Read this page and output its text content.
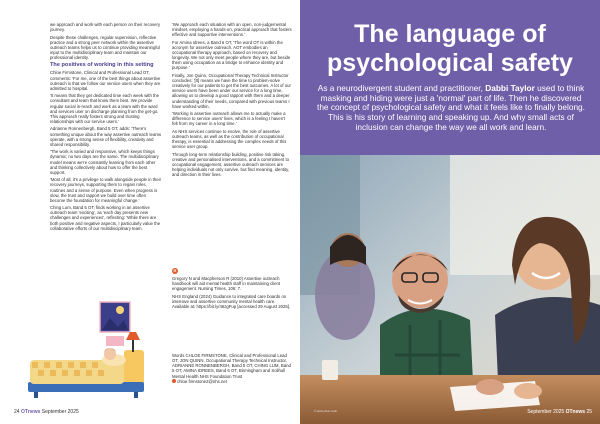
we approach and work with each person on their recovery journey.

Despite these challenges, regular supervision, reflective practice and a strong peer network within the assertive outreach teams helps us to continue providing meaningful input to the multidisciplinary team and maintain our professional identity.

The positives of working in this setting

Chloe Firmstone, Clinical and Professional Lead OT, comments: 'For me, one of the best things about assertive outreach is that we follow our service users when they are admitted to hospital.

'It means that they get dedicated time each week with the consultant and team that know them best. We provide regular social in-reach and work as a team with the ward and services user on discharge planning from the get-go. This approach really fosters strong and trusting relationships with our service users.'

Adrianne Ronnenbergh, Band 5 OT, adds: 'There's something unique about the way assertive outreach teams operate, with a strong sense of flexibility, creativity and shared responsibility.

'The work is varied and responsive, which keeps things dynamic; no two days are the same. The multidisciplinary model means we're constantly learning from each other and thinking collectively about how to offer the best support.

'Most of all, it's a privilege to walk alongside people in their recovery journeys, supporting them to regain roles, routines and a sense of purpose. Even when progress is slow, the trust and rapport we build over time often become the foundation for meaningful change.'

Ching Lum, Band 5 OT, finds working in an assertive outreach team 'exciting', as 'each day presents new challenges and experiences', reflecting: 'While there are both positive and negative aspects, I particularly value the collaborative efforts of our multidisciplinary team.

'We approach each situation with an open, non-judgemental mindset, employing a hands-on, practical approach that fosters effective and supportive interventions.'

For Amina Idrees, a Band 6 OT, 'The word OT is within the acronym for assertive outreach. AOT embodies an occupational therapy approach, based on recovery and longevity. We not only meet people where they are, but beside them using occupation as a bridge to enhance identity and purpose.'

Finally, Jon Quinn, Occupational Therapy Technical Instructor concludes: '[It] means we have the time to problem-solve creatively for our patients to get the best outcomes. A lot of our service users have been under our service for a long time, allowing us to develop a good rapport with them and a deeper understanding of their needs, compared with previous teams I have worked within.

'Working in assertive outreach allows me to actually make a difference to service users' lives, which is a feeling I haven't felt from my career in a long time.'

As NHS services continue to evolve, the role of assertive outreach teams, as well as the contribution of occupational therapy, is essential in addressing the complex needs of this service user group.

Through long-term relationship building, positive risk taking, creative and personalised interventions, and a commitment to occupational engagement, assertive outreach services are helping individuals not only survive, but find meaning, identity, and direction in their lives.

R

Gregory N and Macpherson R (2010) Assertive outreach handbook will aid mental health staff in maintaining client engagement. Nursing Times, 106: 7.

NHS England (2024) Guidance to integrated care boards on intensive and assertive community mental health care. Available at: https://bit.ly/46zgFup [accessed 29 August 2025].

Words CHLOE FIRMSTONE, Clinical and Professional Lead OT, JON QUINN, Occupational Therapy Technical Instructor, ADRIANNE RONNENBERGH, Band 5 OT, CHING LUM, Band 5 OT, AMINA IDREES, Band 6 OT, Birmingham and Solihull Mental Health NHS Foundation Trust
chloe.firmstone2@nhs.net
24 OTnews September 2025
The language of
psychological safety
As a neurodivergent student and practitioner, Dabbi Taylor used to think masking and hiding were just a 'normal' part of life. Then he discovered the concept of psychological safety and what it feels like to finally belong. This is his story of learning and speaking up. And why small acts of inclusion can change the way we all work and learn.
© stock photo credit	September 2025 OTnews 25
